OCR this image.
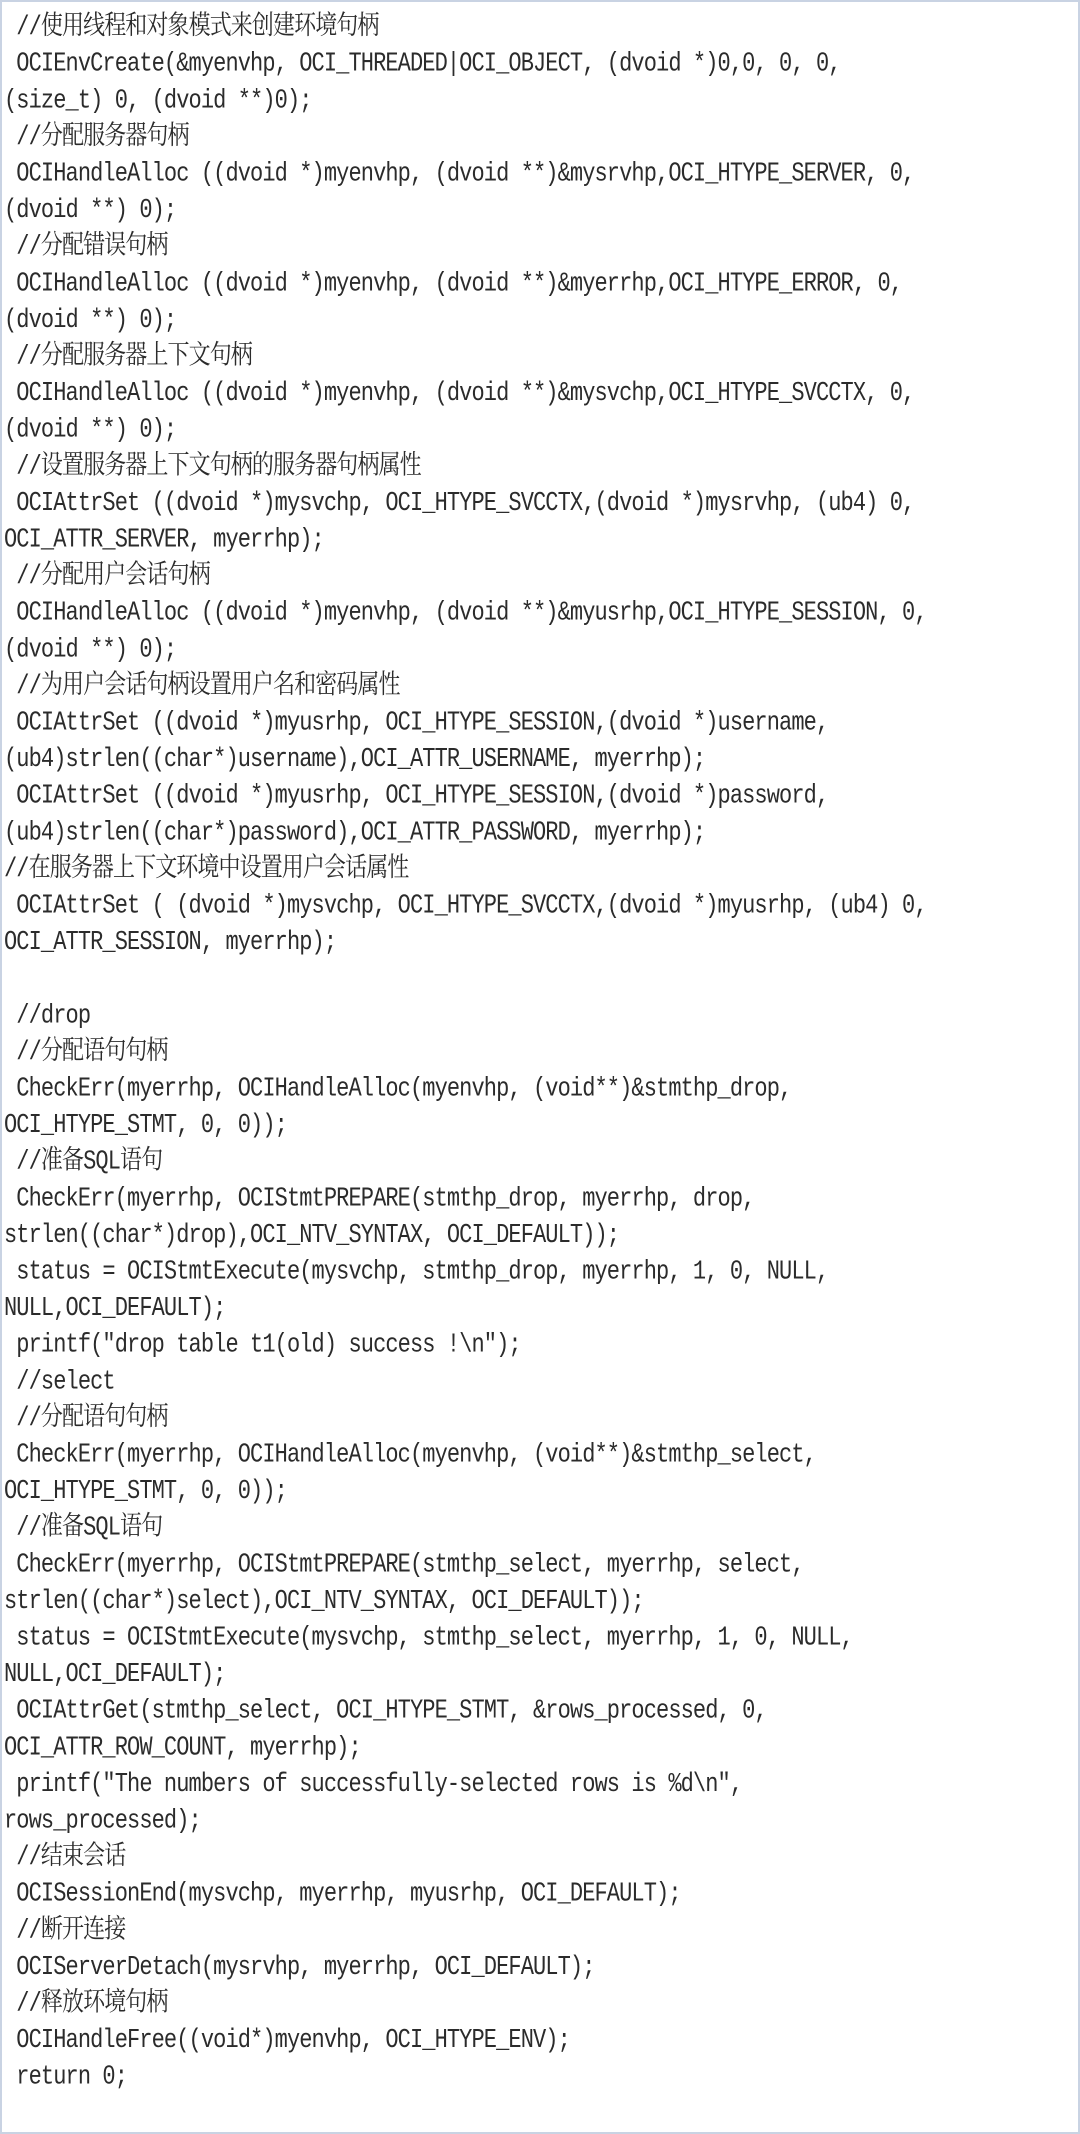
//使用线程和对象模式来创建环境句柄
OCIEnvCreate(&myenvhp, OCI_THREADED|OCI_OBJECT, (dvoid *)0,0, 0, 0,
(size_t) 0, (dvoid **)0);
//分配服务器句柄
OCIHandleAlloc ((dvoid *)myenvhp, (dvoid **)&mysrvhp,OCI_HTYPE_SERVER, 0,
(dvoid **) 0);
//分配错误句柄
OCIHandleAlloc ((dvoid *)myenvhp, (dvoid **)&myerrhp,OCI_HTYPE_ERROR, 0,
(dvoid **) 0);
//分配服务器上下文句柄
OCIHandleAlloc ((dvoid *)myenvhp, (dvoid **)&mysvchp,OCI_HTYPE_SVCCTX, 0,
(dvoid **) 0);
//设置服务器上下文句柄的服务器句柄属性
OCIAttrSet ((dvoid *)mysvchp, OCI_HTYPE_SVCCTX,(dvoid *)mysrvhp, (ub4) 0,
OCI_ATTR_SERVER, myerrhp);
//分配用户会话句柄
OCIHandleAlloc ((dvoid *)myenvhp, (dvoid **)&myusrhp,OCI_HTYPE_SESSION, 0,
(dvoid **) 0);
//为用户会话句柄设置用户名和密码属性
OCIAttrSet ((dvoid *)myusrhp, OCI_HTYPE_SESSION,(dvoid *)username,
(ub4)strlen((char*)username),OCI_ATTR_USERNAME, myerrhp);
OCIAttrSet ((dvoid *)myusrhp, OCI_HTYPE_SESSION,(dvoid *)password,
(ub4)strlen((char*)password),OCI_ATTR_PASSWORD, myerrhp);
//在服务器上下文环境中设置用户会话属性
OCIAttrSet ( (dvoid *)mysvchp, OCI_HTYPE_SVCCTX,(dvoid *)myusrhp, (ub4) 0,
OCI_ATTR_SESSION, myerrhp);
//drop
//分配语句句柄
CheckErr(myerrhp, OCIHandleAlloc(myenvhp, (void**)&stmthp_drop,
OCI_HTYPE_STMT, 0, 0));
//准备SQL语句
CheckErr(myerrhp, OCIStmtPREPARE(stmthp_drop, myerrhp, drop,
strlen((char*)drop),OCI_NTV_SYNTAX, OCI_DEFAULT));
status = OCIStmtExecute(mysvchp, stmthp_drop, myerrhp, 1, 0, NULL,
NULL,OCI_DEFAULT);
printf("drop table t1(old) success !\n");
//select
//分配语句句柄
CheckErr(myerrhp, OCIHandleAlloc(myenvhp, (void**)&stmthp_select,
OCI_HTYPE_STMT, 0, 0));
//准备SQL语句
CheckErr(myerrhp, OCIStmtPREPARE(stmthp_select, myerrhp, select,
strlen((char*)select),OCI_NTV_SYNTAX, OCI_DEFAULT));
status = OCIStmtExecute(mysvchp, stmthp_select, myerrhp, 1, 0, NULL,
NULL,OCI_DEFAULT);
OCIAttrGet(stmthp_select, OCI_HTYPE_STMT, &rows_processed, 0,
OCI_ATTR_ROW_COUNT, myerrhp);
printf("The numbers of successfully-selected rows is %d\n",
rows_processed);
//结束会话
OCISessionEnd(mysvchp, myerrhp, myusrhp, OCI_DEFAULT);
//断开连接
OCIServerDetach(mysrvhp, myerrhp, OCI_DEFAULT);
//释放环境句柄
OCIHandleFree((void*)myenvhp, OCI_HTYPE_ENV);
return 0;
